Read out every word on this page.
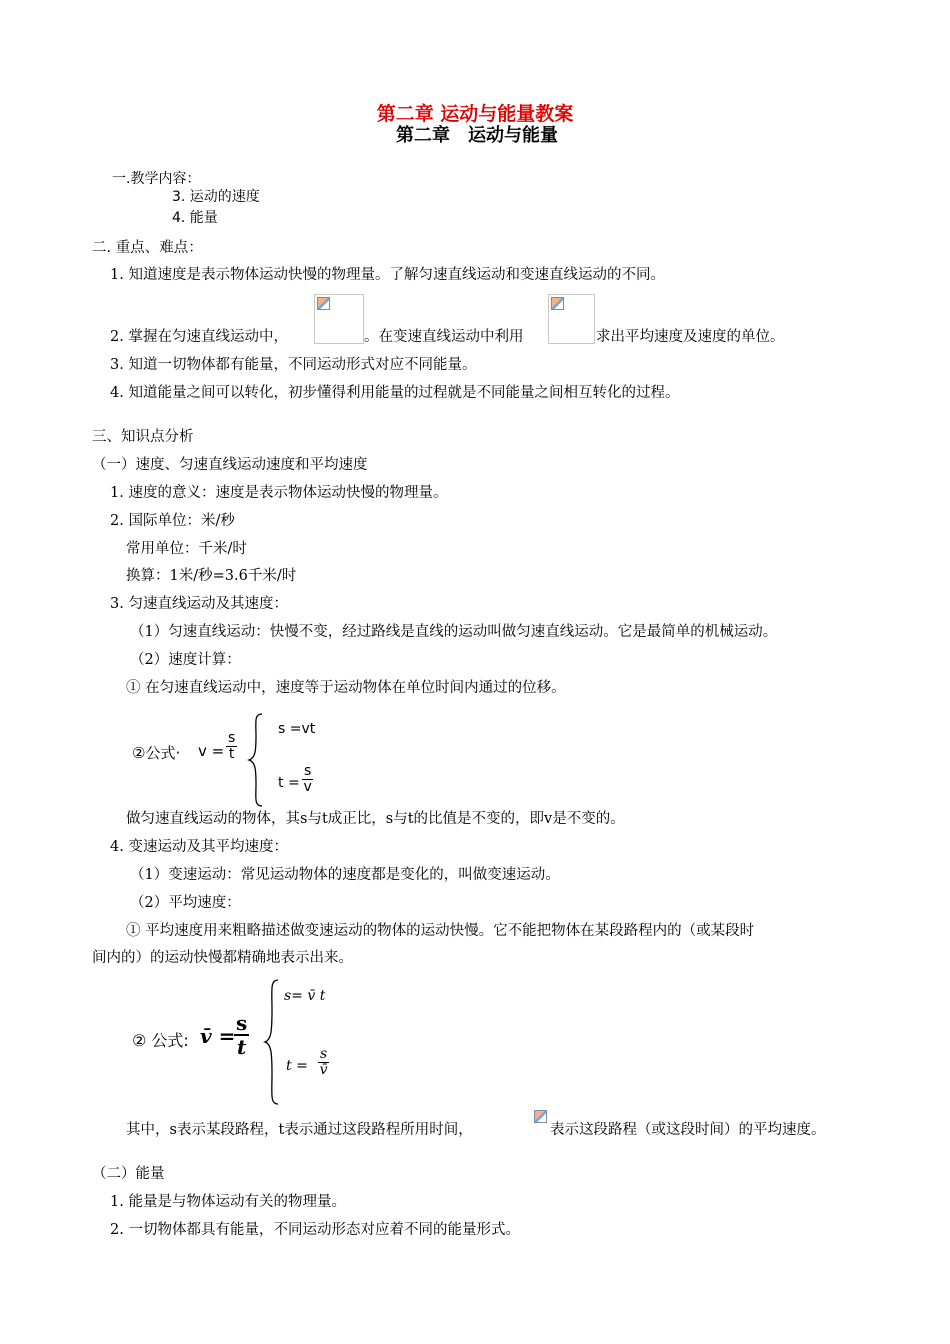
第二章 运动与能量教案
第二章　运动与能量
一.教学内容：
3. 运动的速度
4. 能量
二. 重点、难点：
1. 知道速度是表示物体运动快慢的物理量。了解匀速直线运动和变速直线运动的不同。
2. 掌握在匀速直线运动中，	。在变速直线运动中利用	求出平均速度及速度的单位。
3. 知道一切物体都有能量，不同运动形式对应不同能量。
4. 知道能量之间可以转化，初步懂得利用能量的过程就是不同能量之间相互转化的过程。
三、知识点分析
（一）速度、匀速直线运动速度和平均速度
1. 速度的意义：速度是表示物体运动快慢的物理量。
2. 国际单位：米/秒
常用单位：千米/时
换算：1米/秒=3.6千米/时
3. 匀速直线运动及其速度：
（1）匀速直线运动：快慢不变，经过路线是直线的运动叫做匀速直线运动。它是最简单的机械运动。
（2）速度计算：
① 在匀速直线运动中，速度等于运动物体在单位时间内通过的位移。
②公式· $v = \frac{s}{t}$
s =vt
$t = \frac{s}{v}$
做匀速直线运动的物体，其s与t成正比，s与t的比值是不变的，即v是不变的。
4. 变速运动及其平均速度：
（1）变速运动：常见运动物体的速度都是变化的，叫做变速运动。
（2）平均速度：
① 平均速度用来粗略描述做变速运动的物体的运动快慢。它不能把物体在某段路程内的（或某段时
间内的）的运动快慢都精确地表示出来。
② 公式: v̄ =
$\frac{s}{t}$
s= v̄ t
$t = \frac{s}{v̄}$
其中，s表示某段路程，t表示通过这段路程所用时间，	表示这段路程（或这段时间）的平均速度。
（二）能量
1. 能量是与物体运动有关的物理量。
2. 一切物体都具有能量，不同运动形态对应着不同的能量形式。
